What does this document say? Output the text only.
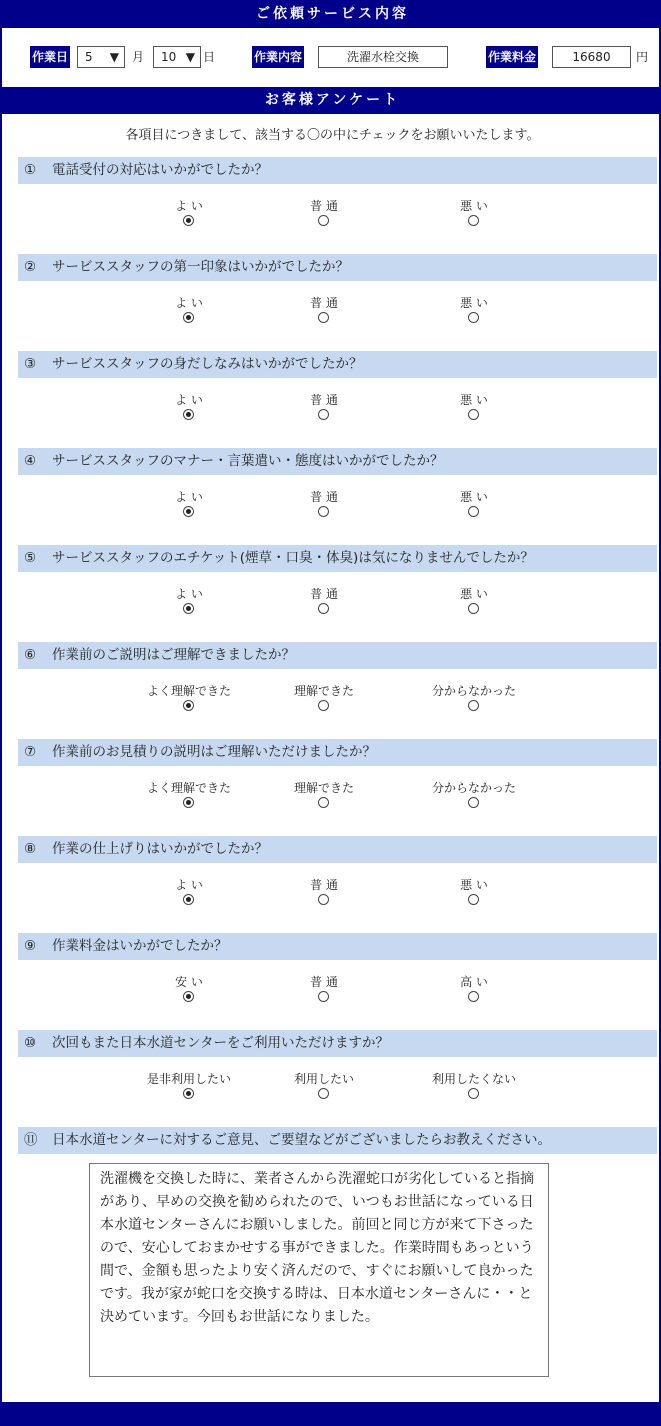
ご依頼サービス内容
作業日	5 ▼ 月	10 ▼ 日	作業内容	洗濯水栓交換	作業料金	16680	円
お客様アンケート
各項目につきまして、該当する〇の中にチェックをお願いいたします。
① 電話受付の対応はいかがでしたか？
よ い	普 通	悪 い
② サービススタッフの第一印象はいかがでしたか？
よ い	普 通	悪 い
③ サービススタッフの身だしなみはいかがでしたか？
よ い	普 通	悪 い
④ サービススタッフのマナー・言葉遣い・態度はいかがでしたか？
よ い	普 通	悪 い
⑤ サービススタッフのエチケット(煙草・口臭・体臭)は気になりませんでしたか？
よ い	普 通	悪 い
⑥ 作業前のご説明はご理解できましたか？
よく理解できた	理解できた	分からなかった
⑦ 作業前のお見積りの説明はご理解いただけましたか？
よく理解できた	理解できた	分からなかった
⑧ 作業の仕上げりはいかがでしたか？
よ い	普 通	悪 い
⑨ 作業料金はいかがでしたか？
安 い	普 通	高 い
⑩ 次回もまた日本水道センターをご利用いただけますか？
是非利用したい	利用したい	利用したくない
⑪ 日本水道センターに対するご意見、ご要望などがございましたらお教えください。
洗濯機を交換した時に、業者さんから洗濯蛇口が劣化していると指摘があり、早めの交換を勧められたので、いつもお世話になっている日本水道センターさんにお願いしました。前回と同じ方が来て下さったので、安心しておまかせする事ができました。作業時間もあっという間で、金額も思ったより安く済んだので、すぐにお願いして良かったです。我が家が蛇口を交換する時は、日本水道センターさんに・・と決めています。今回もお世話になりました。
